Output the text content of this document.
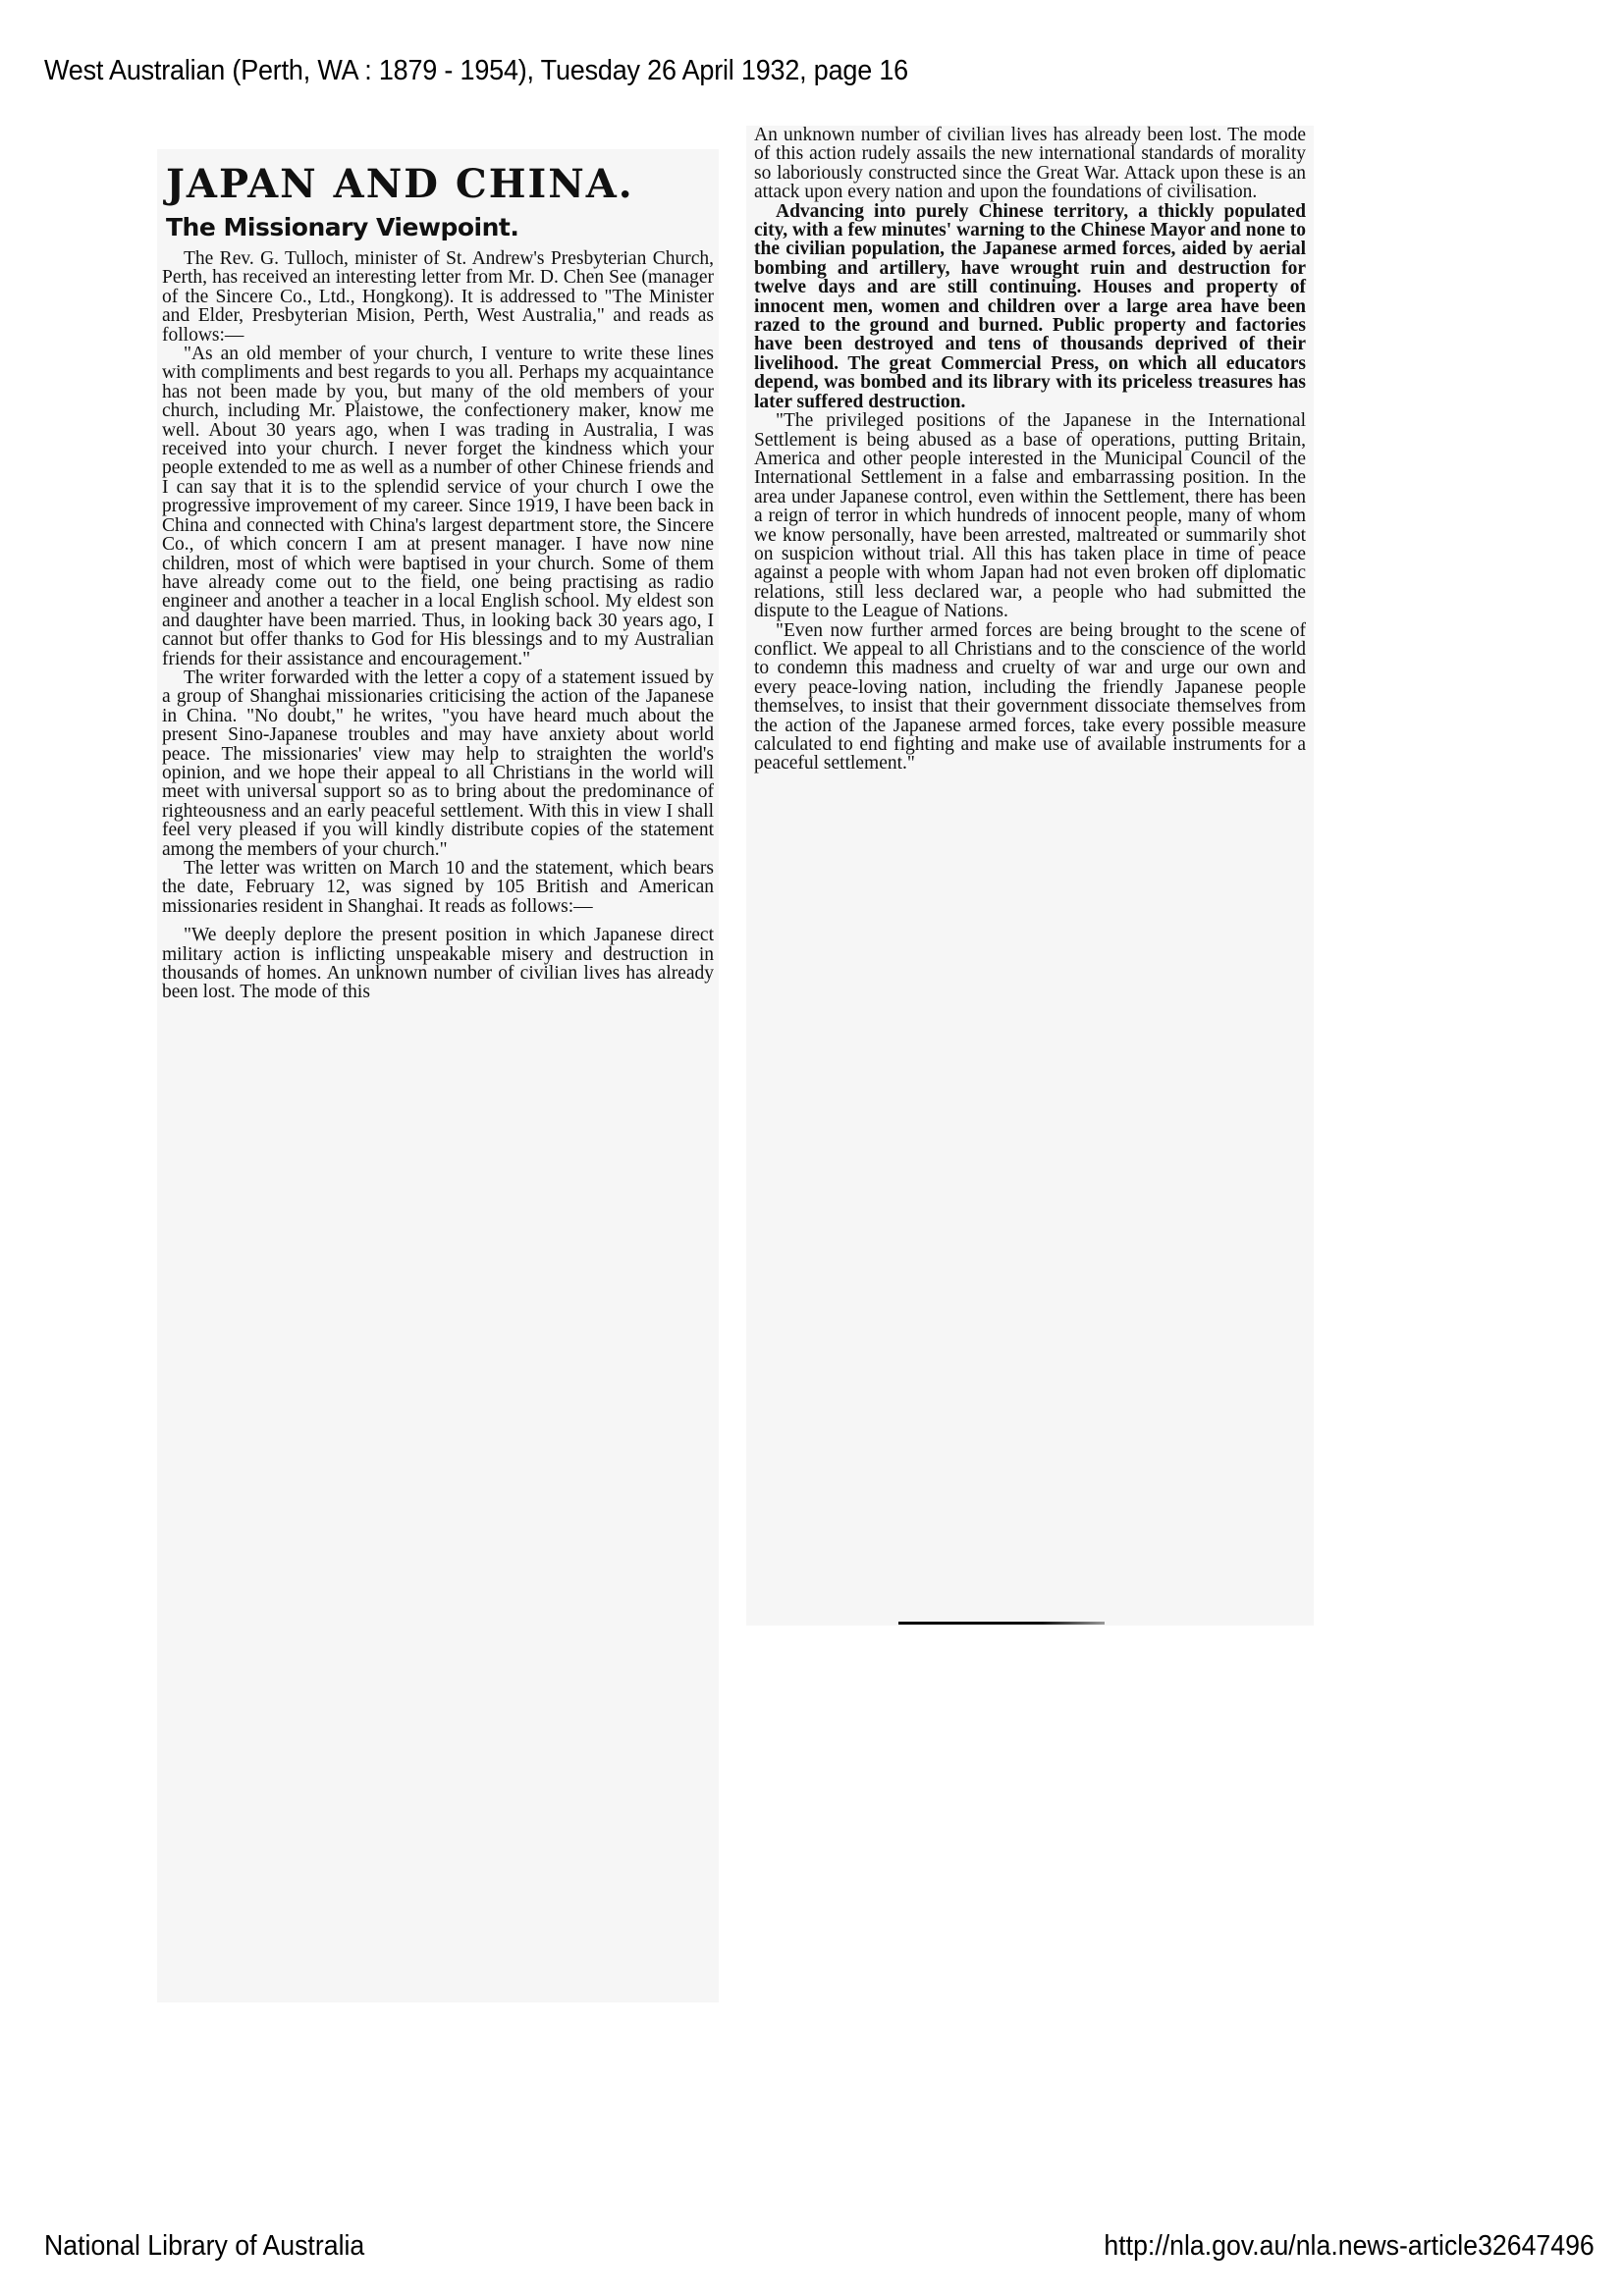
West Australian (Perth, WA : 1879 - 1954), Tuesday 26 April 1932, page 16
JAPAN AND CHINA.
The Missionary Viewpoint.

The Rev. G. Tulloch, minister of St. Andrew's Presbyterian Church, Perth, has received an interesting letter from Mr. D. Chen See (manager of the Sincere Co., Ltd., Hongkong). It is addressed to "The Minister and Elder, Presbyterian Mision, Perth, West Australia," and reads as follows:—

"As an old member of your church, I venture to write these lines with compliments and best regards to you all. Perhaps my acquaintance has not been made by you, but many of the old members of your church, including Mr. Plaistowe, the confectionery maker, know me well. About 30 years ago, when I was trading in Australia, I was received into your church. I never forget the kindness which your people extended to me as well as a number of other Chinese friends and I can say that it is to the splendid service of your church I owe the progressive improvement of my career. Since 1919, I have been back in China and connected with China's largest department store, the Sincere Co., of which concern I am at present manager. I have now nine children, most of which were baptised in your church. Some of them have already come out to the field, one being practising as radio engineer and another a teacher in a local English school. My eldest son and daughter have been married. Thus, in looking back 30 years ago, I cannot but offer thanks to God for His blessings and to my Australian friends for their assistance and encouragement."

The writer forwarded with the letter a copy of a statement issued by a group of Shanghai missionaries criticising the action of the Japanese in China. "No doubt," he writes, "you have heard much about the present Sino-Japanese troubles and may have anxiety about world peace. The missionaries' view may help to straighten the world's opinion, and we hope their appeal to all Christians in the world will meet with universal support so as to bring about the predominance of righteousness and an early peaceful settlement. With this in view I shall feel very pleased if you will kindly distribute copies of the statement among the members of your church."

The letter was written on March 10 and the statement, which bears the date, February 12, was signed by 105 British and American missionaries resident in Shanghai. It reads as follows:—

"We deeply deplore the present position in which Japanese direct military action is inflicting unspeakable misery and destruction in thousands of homes. An unknown number of civilian lives has already been lost. The mode of this

An unknown number of civilian lives has already been lost. The mode of this action rudely assails the new international standards of morality so laboriously constructed since the Great War. Attack upon these is an attack upon every nation and upon the foundations of civilisation.

Advancing into purely Chinese territory, a thickly populated city, with a few minutes' warning to the Chinese Mayor and none to the civilian population, the Japanese armed forces, aided by aerial bombing and artillery, have wrought ruin and destruction for twelve days and are still continuing. Houses and property of innocent men, women and children over a large area have been razed to the ground and burned. Public property and factories have been destroyed and tens of thousands deprived of their livelihood. The great Commercial Press, on which all educators depend, was bombed and its library with its priceless treasures has later suffered destruction.

"The privileged positions of the Japanese in the International Settlement is being abused as a base of operations, putting Britain, America and other people interested in the Municipal Council of the International Settlement in a false and embarrassing position. In the area under Japanese control, even within the Settlement, there has been a reign of terror in which hundreds of innocent people, many of whom we know personally, have been arrested, maltreated or summarily shot on suspicion without trial. All this has taken place in time of peace against a people with whom Japan had not even broken off diplomatic relations, still less declared war, a people who had submitted the dispute to the League of Nations.

"Even now further armed forces are being brought to the scene of conflict. We appeal to all Christians and to the conscience of the world to condemn this madness and cruelty of war and urge our own and every peace-loving nation, including the friendly Japanese people themselves, to insist that their government dissociate themselves from the action of the Japanese armed forces, take every possible measure calculated to end fighting and make use of available instruments for a peaceful settlement."

National Library of Australia	http://nla.gov.au/nla.news-article32647496
